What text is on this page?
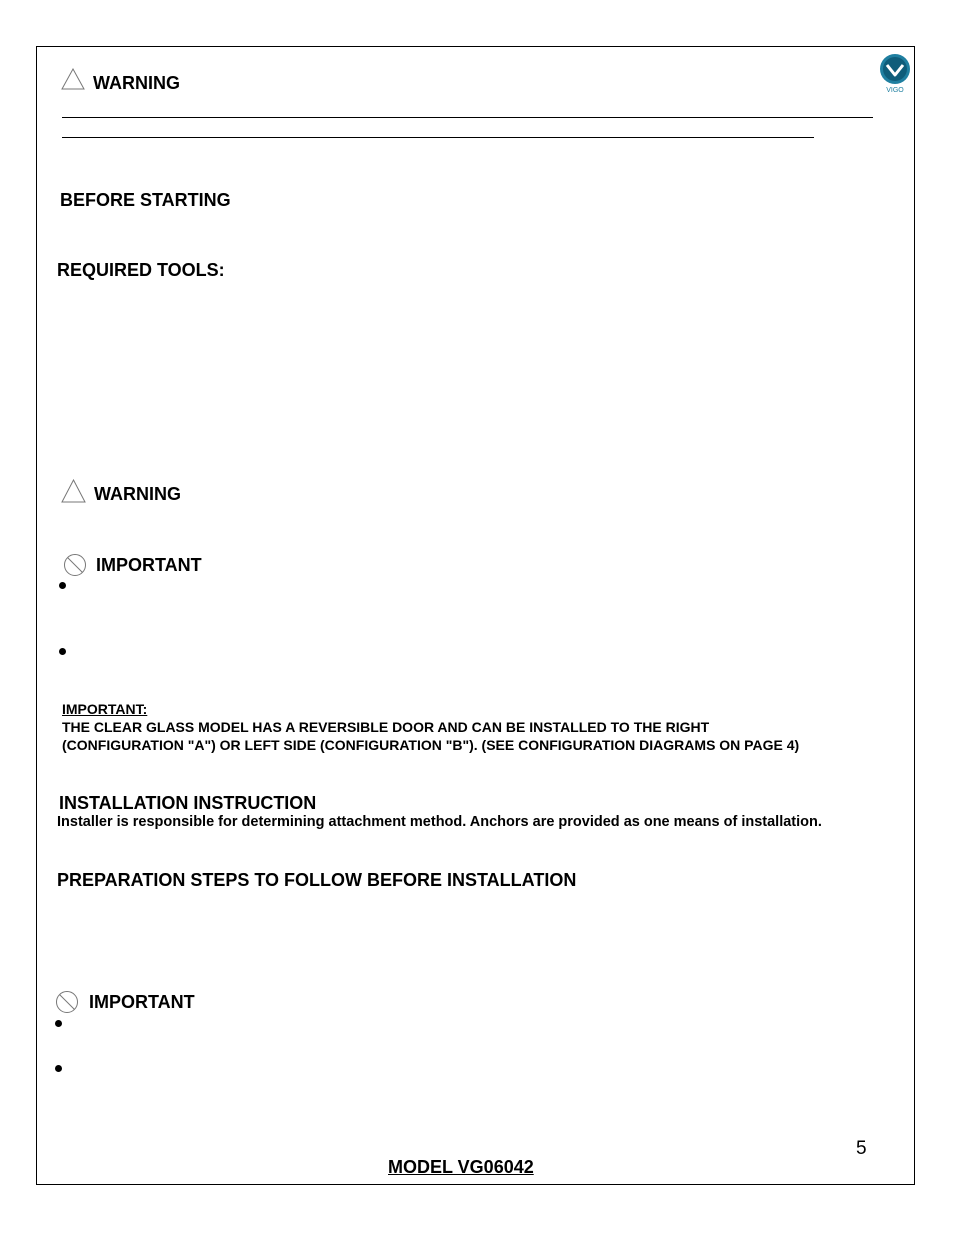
VIGO
WARNING
BEFORE STARTING
REQUIRED TOOLS:
WARNING
IMPORTANT
IMPORTANT:
THE CLEAR GLASS MODEL HAS A REVERSIBLE DOOR AND CAN BE INSTALLED TO THE RIGHT
(CONFIGURATION "A") OR LEFT SIDE (CONFIGURATION "B"). (SEE CONFIGURATION DIAGRAMS ON PAGE 4)
INSTALLATION INSTRUCTION
Installer is responsible for determining attachment method. Anchors are provided as one means of installation.
PREPARATION STEPS TO FOLLOW BEFORE INSTALLATION
IMPORTANT
5
MODEL VG06042
